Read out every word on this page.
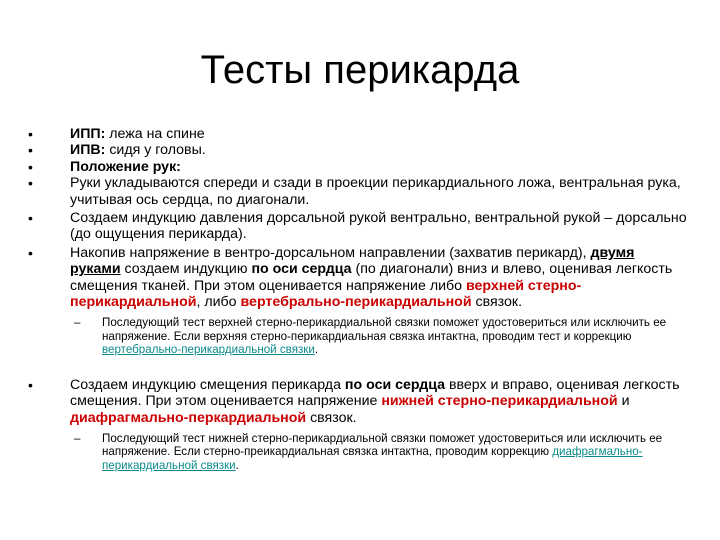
Тесты перикарда
•	ИПП: лежа на спине
•	ИПВ: сидя у головы.
•	Положение рук:
•	Руки укладываются спереди и сзади в проекции перикардиального ложа, вентральная рука, учитывая ось сердца, по диагонали.
•	Создаем индукцию давления дорсальной рукой вентрально, вентральной рукой – дорсально (до ощущения перикарда).
•	Накопив напряжение в вентро-дорсальном направлении (захватив перикард), двумя руками создаем индукцию по оси сердца (по диагонали) вниз и влево, оценивая легкость смещения тканей. При этом оценивается напряжение либо верхней стерно-перикардиальной, либо вертебрально-перикардиальной связок.
– Последующий тест верхней стерно-перикардиальной связки поможет удостовериться или исключить ее напряжение. Если верхняя стерно-перикардиальная связка интактна, проводим тест и коррекцию вертебрально-перикардиальной связки.
•	Создаем индукцию смещения перикарда по оси сердца вверх и вправо, оценивая легкость смещения. При этом оценивается напряжение нижней стерно-перикардиальной и диафрагмально-перкардиальной связок.
– Последующий тест нижней стерно-перикардиальной связки поможет удостовериться или исключить ее напряжение. Если стерно-преикардиальная связка интактна, проводим коррекцию диафрагмально-перикардиальной связки.
